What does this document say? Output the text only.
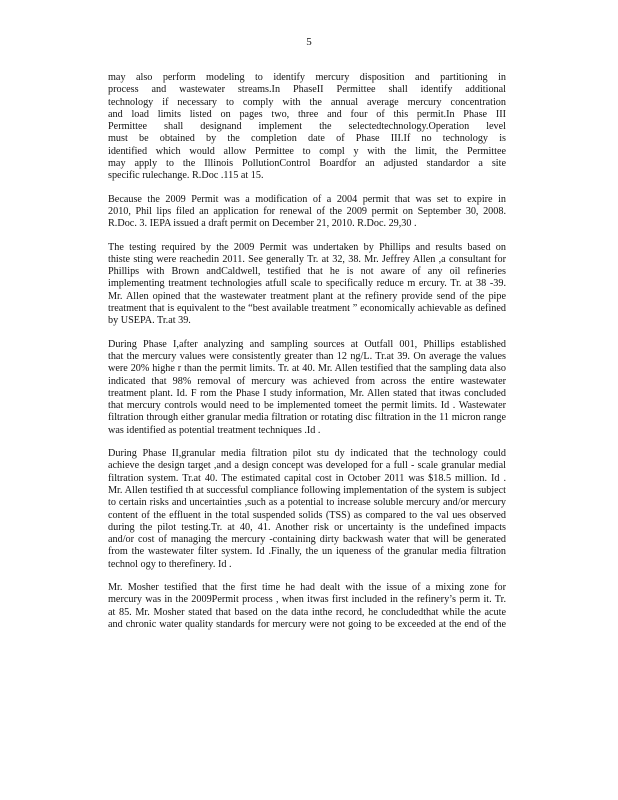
5
may also perform modeling to identify mercury disposition and partitioning in
process and wastewater streams.In PhaseII Permittee shall identify additional
technology if necessary to comply with the annual average mercury concentration
and load limits listed on pages two, three and four of this permit.In Phase III
Permittee shall designand implement the selectedtechnology.Operation level
must be obtained by the completion date of Phase III.If no technology is
identified which would allow Permittee to compl y with the limit, the Permittee
may apply to the Illinois PollutionControl Boardfor an adjusted standardor a site
specific rulechange. R.Doc .115 at 15.
Because the 2009 Permit was a modification of a 2004 permit that was set to expire in
2010, Phil lips filed an application for renewal of the 2009 permit on September 30, 2008.
R.Doc. 3. IEPA issued a draft permit on December 21, 2010. R.Doc. 29,30 .
The testing required by the 2009 Permit was undertaken by Phillips and results based on
thiste sting were reachedin 2011. See generally Tr. at 32, 38. Mr. Jeffrey Allen ,a consultant for
Phillips with Brown andCaldwell, testified that he is not aware of any oil refineries
implementing treatment technologies atfull scale to specifically reduce m ercury. Tr. at 38 -39.
Mr. Allen opined that the wastewater treatment plant at the refinery provide send of the pipe
treatment that is equivalent to the “best available treatment ” economically achievable as defined
by USEPA. Tr.at 39.
During Phase I,after analyzing and sampling sources at Outfall 001, Phillips established
that the mercury values were consistently greater than 12 ng/L. Tr.at 39. On average the values
were 20% highe r than the permit limits. Tr. at 40. Mr. Allen testified that the sampling data also
indicated that 98% removal of mercury was achieved from across the entire wastewater
treatment plant. Id. F rom the Phase I study information, Mr. Allen stated that itwas concluded
that mercury controls would need to be implemented tomeet the permit limits. Id . Wastewater
filtration through either granular media filtration or rotating disc filtration in the 11 micron range
was identified as potential treatment techniques .Id .
During Phase II,granular media filtration pilot stu dy indicated that the technology could
achieve the design target ,and a design concept was developed for a full - scale granular medial
filtration system. Tr.at 40. The estimated capital cost in October 2011 was $18.5 million. Id .
Mr. Allen testified th at successful compliance following implementation of the system is subject
to certain risks and uncertainties ,such as a potential to increase soluble mercury and/or mercury
content of the effluent in the total suspended solids (TSS) as compared to the val ues observed
during the pilot testing.Tr. at 40, 41. Another risk or uncertainty is the undefined impacts
and/or cost of managing the mercury -containing dirty backwash water that will be generated
from the wastewater filter system. Id .Finally, the un iqueness of the granular media filtration
technol ogy to therefinery. Id .
Mr. Mosher testified that the first time he had dealt with the issue of a mixing zone for
mercury was in the 2009Permit process , when itwas first included in the refinery’s perm it. Tr.
at 85. Mr. Mosher stated that based on the data inthe record, he concludedthat while the acute
and chronic water quality standards for mercury were not going to be exceeded at the end of the
